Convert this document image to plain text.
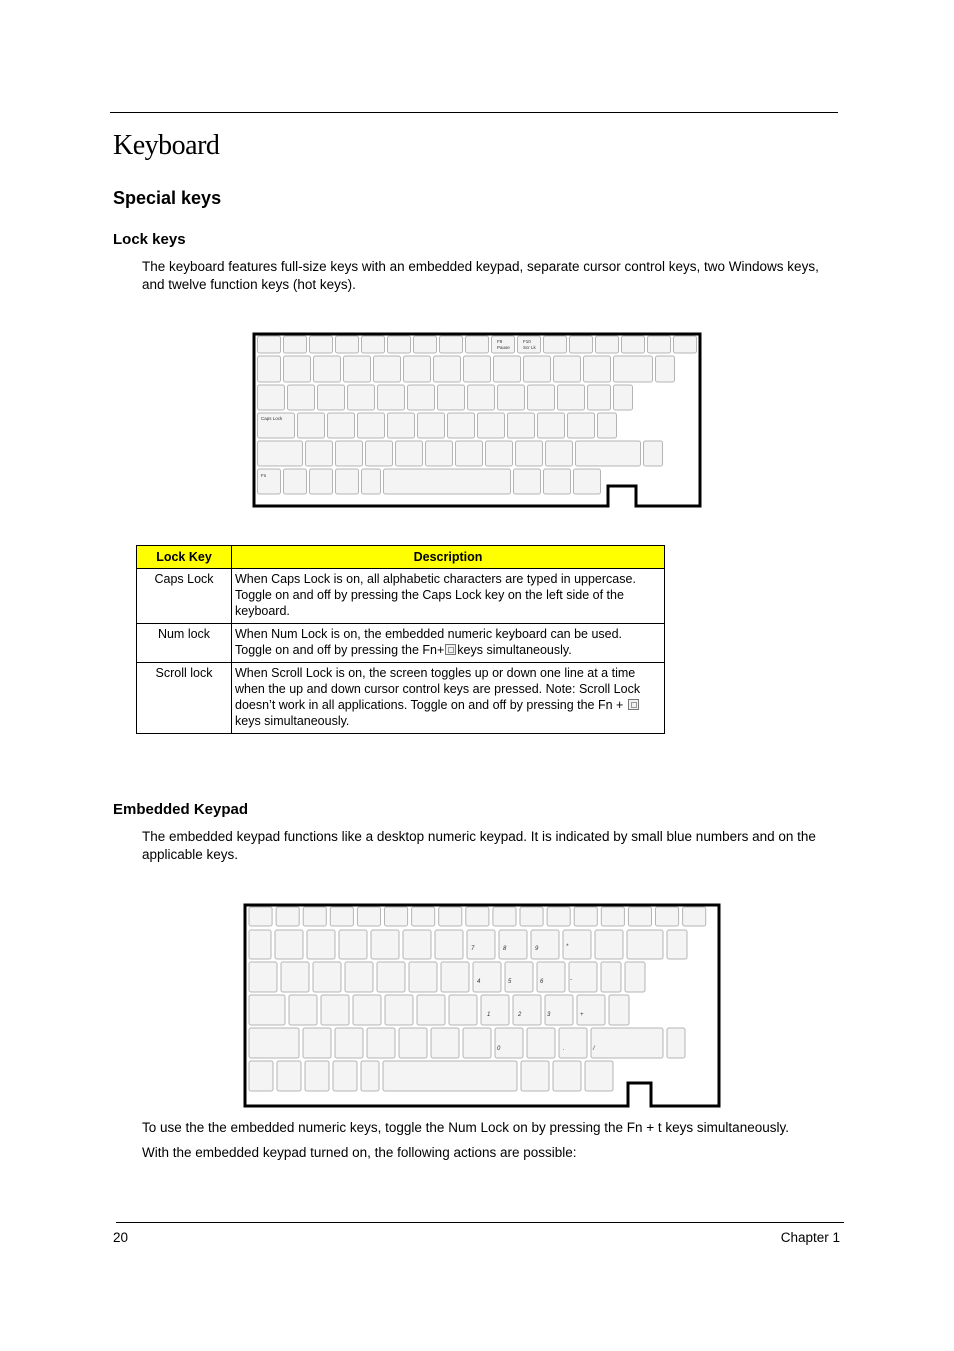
Keyboard
Special keys
Lock keys

The keyboard features full-size keys with an embedded keypad, separate cursor control keys, two Windows keys, and twelve function keys (hot keys).

F9
Pause
F10
Scr Lk
Caps Lock
Fn
Lock Key	Description
Caps Lock	When Caps Lock is on, all alphabetic characters are typed in uppercase. Toggle on and off by pressing the Caps Lock key on the left side of the keyboard.
Num lock	When Num Lock is on, the embedded numeric keyboard can be used. Toggle on and off by pressing the Fn+ keys simultaneously.
Scroll lock	When Scroll Lock is on, the screen toggles up or down one line at a time when the up and down cursor control keys are pressed. Note: Scroll Lock doesn’t work in all applications. Toggle on and off by pressing the Fn +
keys simultaneously.
Embedded Keypad

The embedded keypad functions like a desktop numeric keypad. It is indicated by small blue numbers and on the applicable keys.

7	8	9	*
4	5	6	-
1	2	3	+
0	.	/

To use the the embedded numeric keys, toggle the Num Lock on by pressing the Fn + t keys simultaneously.

With the embedded keypad turned on, the following actions are possible:

20	Chapter 1
